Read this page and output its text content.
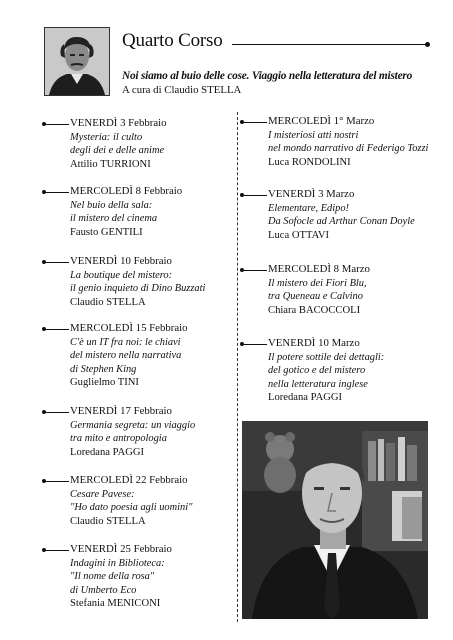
Quarto Corso
Noi siamo al buio delle cose. Viaggio nella letteratura del mistero
A cura di Claudio STELLA
VENERDÌ 3 Febbraio
Mysteria: il culto
degli dei e delle anime
Attilio TURRIONI
MERCOLEDÌ 8 Febbraio
Nel buio della sala:
il mistero del cinema
Fausto GENTILI
VENERDÌ 10 Febbraio
La boutique del mistero:
il genio inquieto di Dino Buzzati
Claudio STELLA
MERCOLEDÌ 15 Febbraio
C'è un IT fra noi: le chiavi
del mistero nella narrativa
di Stephen King
Guglielmo TINI
VENERDÌ 17 Febbraio
Germania segreta: un viaggio
tra mito e antropologia
Loredana PAGGI
MERCOLEDÌ 22 Febbraio
Cesare Pavese:
"Ho dato poesia agli uomini"
Claudio STELLA
VENERDÌ 25 Febbraio
Indagini in Biblioteca:
"Il nome della rosa"
di Umberto Eco
Stefania MENICONI
MERCOLEDÌ 1° Marzo
I misteriosi atti nostri
nel mondo narrativo di Federigo Tozzi
Luca RONDOLINI
VENERDÌ 3 Marzo
Elementare, Edipo!
Da Sofocle ad Arthur Conan Doyle
Luca OTTAVI
MERCOLEDÌ 8 Marzo
Il mistero dei Fiori Blu,
tra Queneau e Calvino
Chiara BACOCCOLI
VENERDÌ 10 Marzo
Il potere sottile dei dettagli:
del gotico e del mistero
nella letteratura inglese
Loredana PAGGI
